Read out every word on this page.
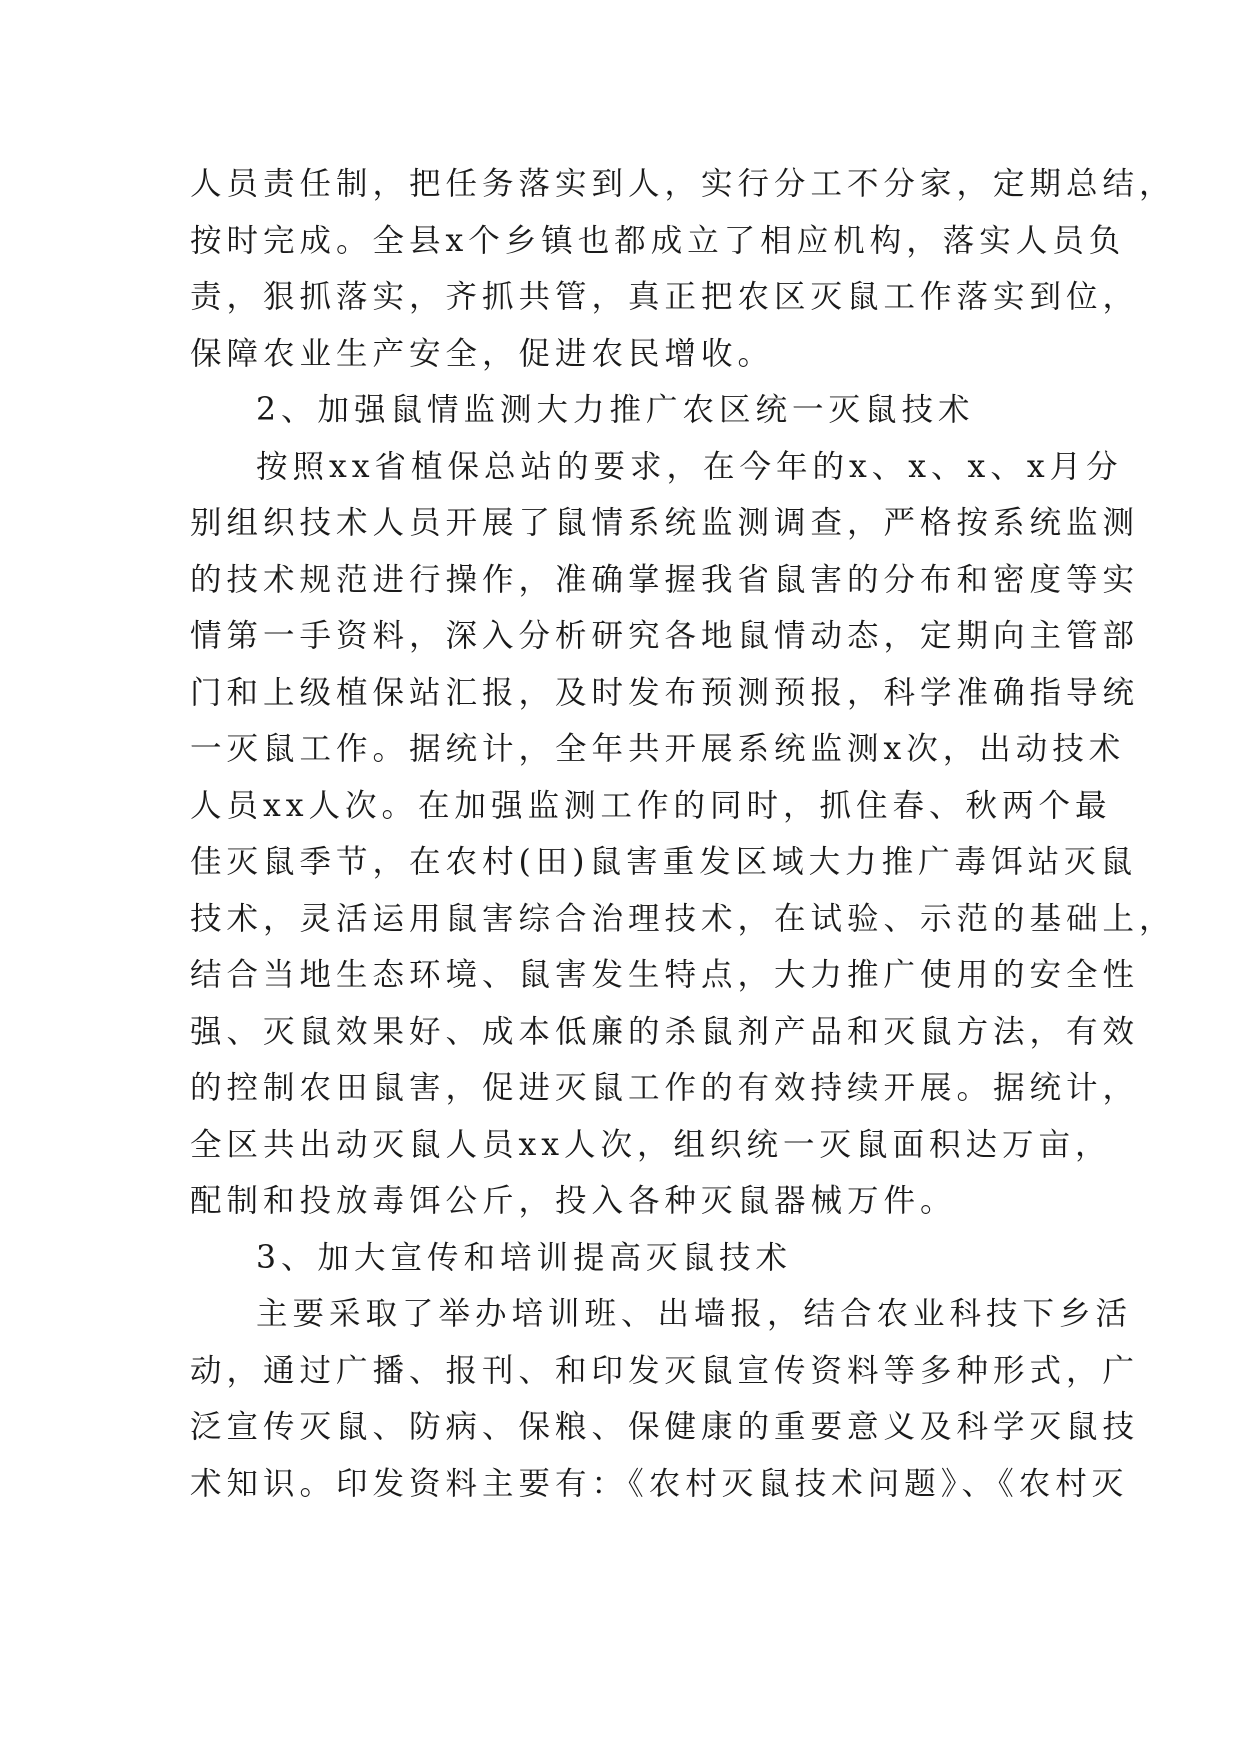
人员责任制，把任务落实到人，实行分工不分家，定期总结，
按时完成。全县x个乡镇也都成立了相应机构，落实人员负
责，狠抓落实，齐抓共管，真正把农区灭鼠工作落实到位，
保障农业生产安全，促进农民增收。
2、加强鼠情监测大力推广农区统一灭鼠技术
按照xx省植保总站的要求，在今年的x、x、x、x月分
别组织技术人员开展了鼠情系统监测调查，严格按系统监测
的技术规范进行操作，准确掌握我省鼠害的分布和密度等实
情第一手资料，深入分析研究各地鼠情动态，定期向主管部
门和上级植保站汇报，及时发布预测预报，科学准确指导统
一灭鼠工作。据统计，全年共开展系统监测x次，出动技术
人员xx人次。在加强监测工作的同时，抓住春、秋两个最
佳灭鼠季节，在农村(田)鼠害重发区域大力推广毒饵站灭鼠
技术，灵活运用鼠害综合治理技术，在试验、示范的基础上，
结合当地生态环境、鼠害发生特点，大力推广使用的安全性
强、灭鼠效果好、成本低廉的杀鼠剂产品和灭鼠方法，有效
的控制农田鼠害，促进灭鼠工作的有效持续开展。据统计，
全区共出动灭鼠人员xx人次，组织统一灭鼠面积达万亩，
配制和投放毒饵公斤，投入各种灭鼠器械万件。
3、加大宣传和培训提高灭鼠技术
主要采取了举办培训班、出墙报，结合农业科技下乡活
动，通过广播、报刊、和印发灭鼠宣传资料等多种形式，广
泛宣传灭鼠、防病、保粮、保健康的重要意义及科学灭鼠技
术知识。印发资料主要有：《农村灭鼠技术问题》、《农村灭
